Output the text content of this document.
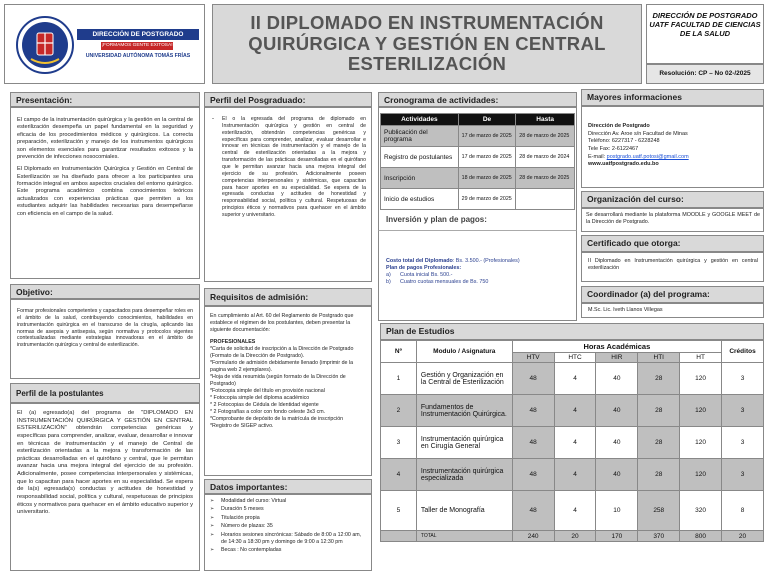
DIRECCIÓN DE POSTGRADO
¡FORMAMOS GENTE EXITOSA!
UNIVERSIDAD AUTÓNOMA TOMÁS FRÍAS
II DIPLOMADO EN INSTRUMENTACIÓN QUIRÚRGICA Y GESTIÓN EN CENTRAL ESTERILIZACIÓN
DIRECCIÓN DE POSTGRADO UATF FACULTAD DE CIENCIAS DE LA SALUD
Resolución: CP – No 02-/2025
Presentación:

El campo de la instrumentación quirúrgica y la gestión en la central de esterilización desempeña un papel fundamental en la seguridad y eficacia de los procedimientos médicos y quirúrgicos. La correcta preparación, esterilización y manejo de los instrumentos quirúrgicos son elementos esenciales para garantizar resultados exitosos y la prevención de infecciones nosocomiales.

El Diplomado en Instrumentación Quirúrgica y Gestión en Central de Esterilización se ha diseñado para ofrecer a los participantes una formación integral en ambos aspectos cruciales del entorno quirúrgico. Este programa académico combina conocimientos teóricos actualizados con experiencias prácticas que permiten a los estudiantes adquirir las habilidades necesarias para desempeñarse con eficiencia en el campo de la salud.

Objetivo:
Formar profesionales competentes y capacitados para desempeñar roles en el ámbito de la salud, contribuyendo conocimientos, habilidades en instrumentación quirúrgica en el transcurso de la cirugía, aplicando las normas de asepsia y antisepsia, según normativa y protocolos vigentes contextualizadas mediante estrategias innovadoras en el ámbito de instrumentación quirúrgica y central de esterilización.
Perfil de la postulantes
El (a) egresado(a) del programa de "DIPLOMADO EN INSTRUMENTACIÓN QUIRÚRGICA Y GESTIÓN EN CENTRAL ESTERILIZACIÓN" obtendrán competencias genéricas y específicas para comprender, analizar, evaluar, desarrollar e innovar en técnicas de instrumentación y el manejo de Central de esterilización orientadas a la mejora y transformación de las prácticas desarrolladas en el quirófano y central, que le permitan avanzar hacia una mejora integral del ejercicio de su profesión. Adicionalmente, posee competencias interpersonales y sistémicas, que lo capacitan para hacer aportes en su especialidad. Se espera de la(s) egresada(s) conductas y actitudes de honestidad y responsabilidad social, política y cultural, respetuosas de principios éticos y normativos para quehacer en el ámbito educativo superior y universitario.
Perfil del Posgraduado:
- El o la egresada del programa de diplomado en Instrumentación quirúrgica y gestión en central de esterilización, obtendrán competencias genéricas y específicas para comprender, analizar, evaluar desarrollar e innovar en técnicas de instrumentación y el manejo de la central de esterilización orientadas a la mejora y transformación de las prácticas desarrolladas en el quirófano que le permitan avanzar hacia una mejora integral del ejercicio de su profesión. Adicionalmente poseen competencias interpersonales y sistémicas, que capacitan para hacer aportes en su especialidad. Se espera de la egresada conductas y actitudes de honestidad y responsabilidad social, política y cultural. Respetuosas de principios éticos y normativos para quehacer en el ámbito superior y universitario.
Requisitos de admisión:

En cumplimiento al Art. 60 del Reglamento de Postgrado que establece el régimen de los postulantes, deben presentar la siguiente documentación:

PROFESIONALES
*Carta de solicitud de inscripción a la Dirección de Postgrado (Formato de la Dirección de Postgrado).
*Formulario de admisión debidamente llenado (imprimir de la pagina web 2 ejemplares).
*Hoja de vida resumida (según formato de la Dirección de Postgrado)
*Fotocopia simple del título en provisión nacional
* Fotocopia simple del diploma académico
* 2 Fotocopias de Cédula de Identidad vigente
* 2 Fotografías a color con fondo celeste 3x3 cm.
*Comprobante de depósito de la matrícula de inscripción
*Registro de SIGEP activo.
Datos importantes:
➢ Modalidad del curso: Virtual
➢ Duración 5 meses
➢ Titulación propia
➢ Número de plazas: 35
➢ Horarios sesiones sincrónicas: Sábado de 8:00 a 12:00 am, de 14:30 a 18:30 pm y domingo de 9:00 a 12:30 pm
➢ Becas : No contempladas
Cronograma de actividades:
Inversión y plan de pagos:
Actividades	De	Hasta
Publicación del programa	17 de marzo de 2025	28 de marzo de 2025
Registro de postulantes	17 de marzo de 2025	28 de marzo de 2024
Inscripción	18 de marzo de 2025	28 de marzo de 2025
Inicio de estudios	29 de marzo de 2025	
Costo total del Diplomado: Bs. 3.500.- (Profesionales)
Plan de pagos Profesionales:
a) Cuota inicial Bs. 500.-
b) Cuatro cuotas mensuales de Bs. 750
Mayores informaciones
Dirección de Postgrado
Dirección Av. Aroe s/n Facultad de Minas
Teléfono: 6227317 - 6228248
Tele Fax: 2-6122467
E-mail: postgrado.uatf.potosi@gmail.com
www.uatfpostgrado.edu.bo
Organización del curso:
Se desarrollará mediante la plataforma MOODLE y GOOGLE MEET de la Dirección de Postgrado.
Certificado que otorga:
II Diplomado en Instrumentación quirúrgica y gestión en central esterilización
Coordinador (a) del programa:
M.Sc. Lic. Iveth Llanos Villegas
Plan de Estudios
Nº	Modulo / Asignatura	Horas Académicas					Créditos
		HTV	HTC	HIR	HTI	HT	
1	Gestión y Organización en la Central de Esterilización	48	4	40	28	120	3
2	Fundamentos de Instrumentación Quirúrgica.	48	4	40	28	120	3
3	Instrumentación quirúrgica en Cirugía General	48	4	40	28	120	3
4	Instrumentación quirúrgica especializada	48	4	40	28	120	3
5	Taller de Monografía	48	4	10	258	320	8
	TOTAL	240	20	170	370	800	20
